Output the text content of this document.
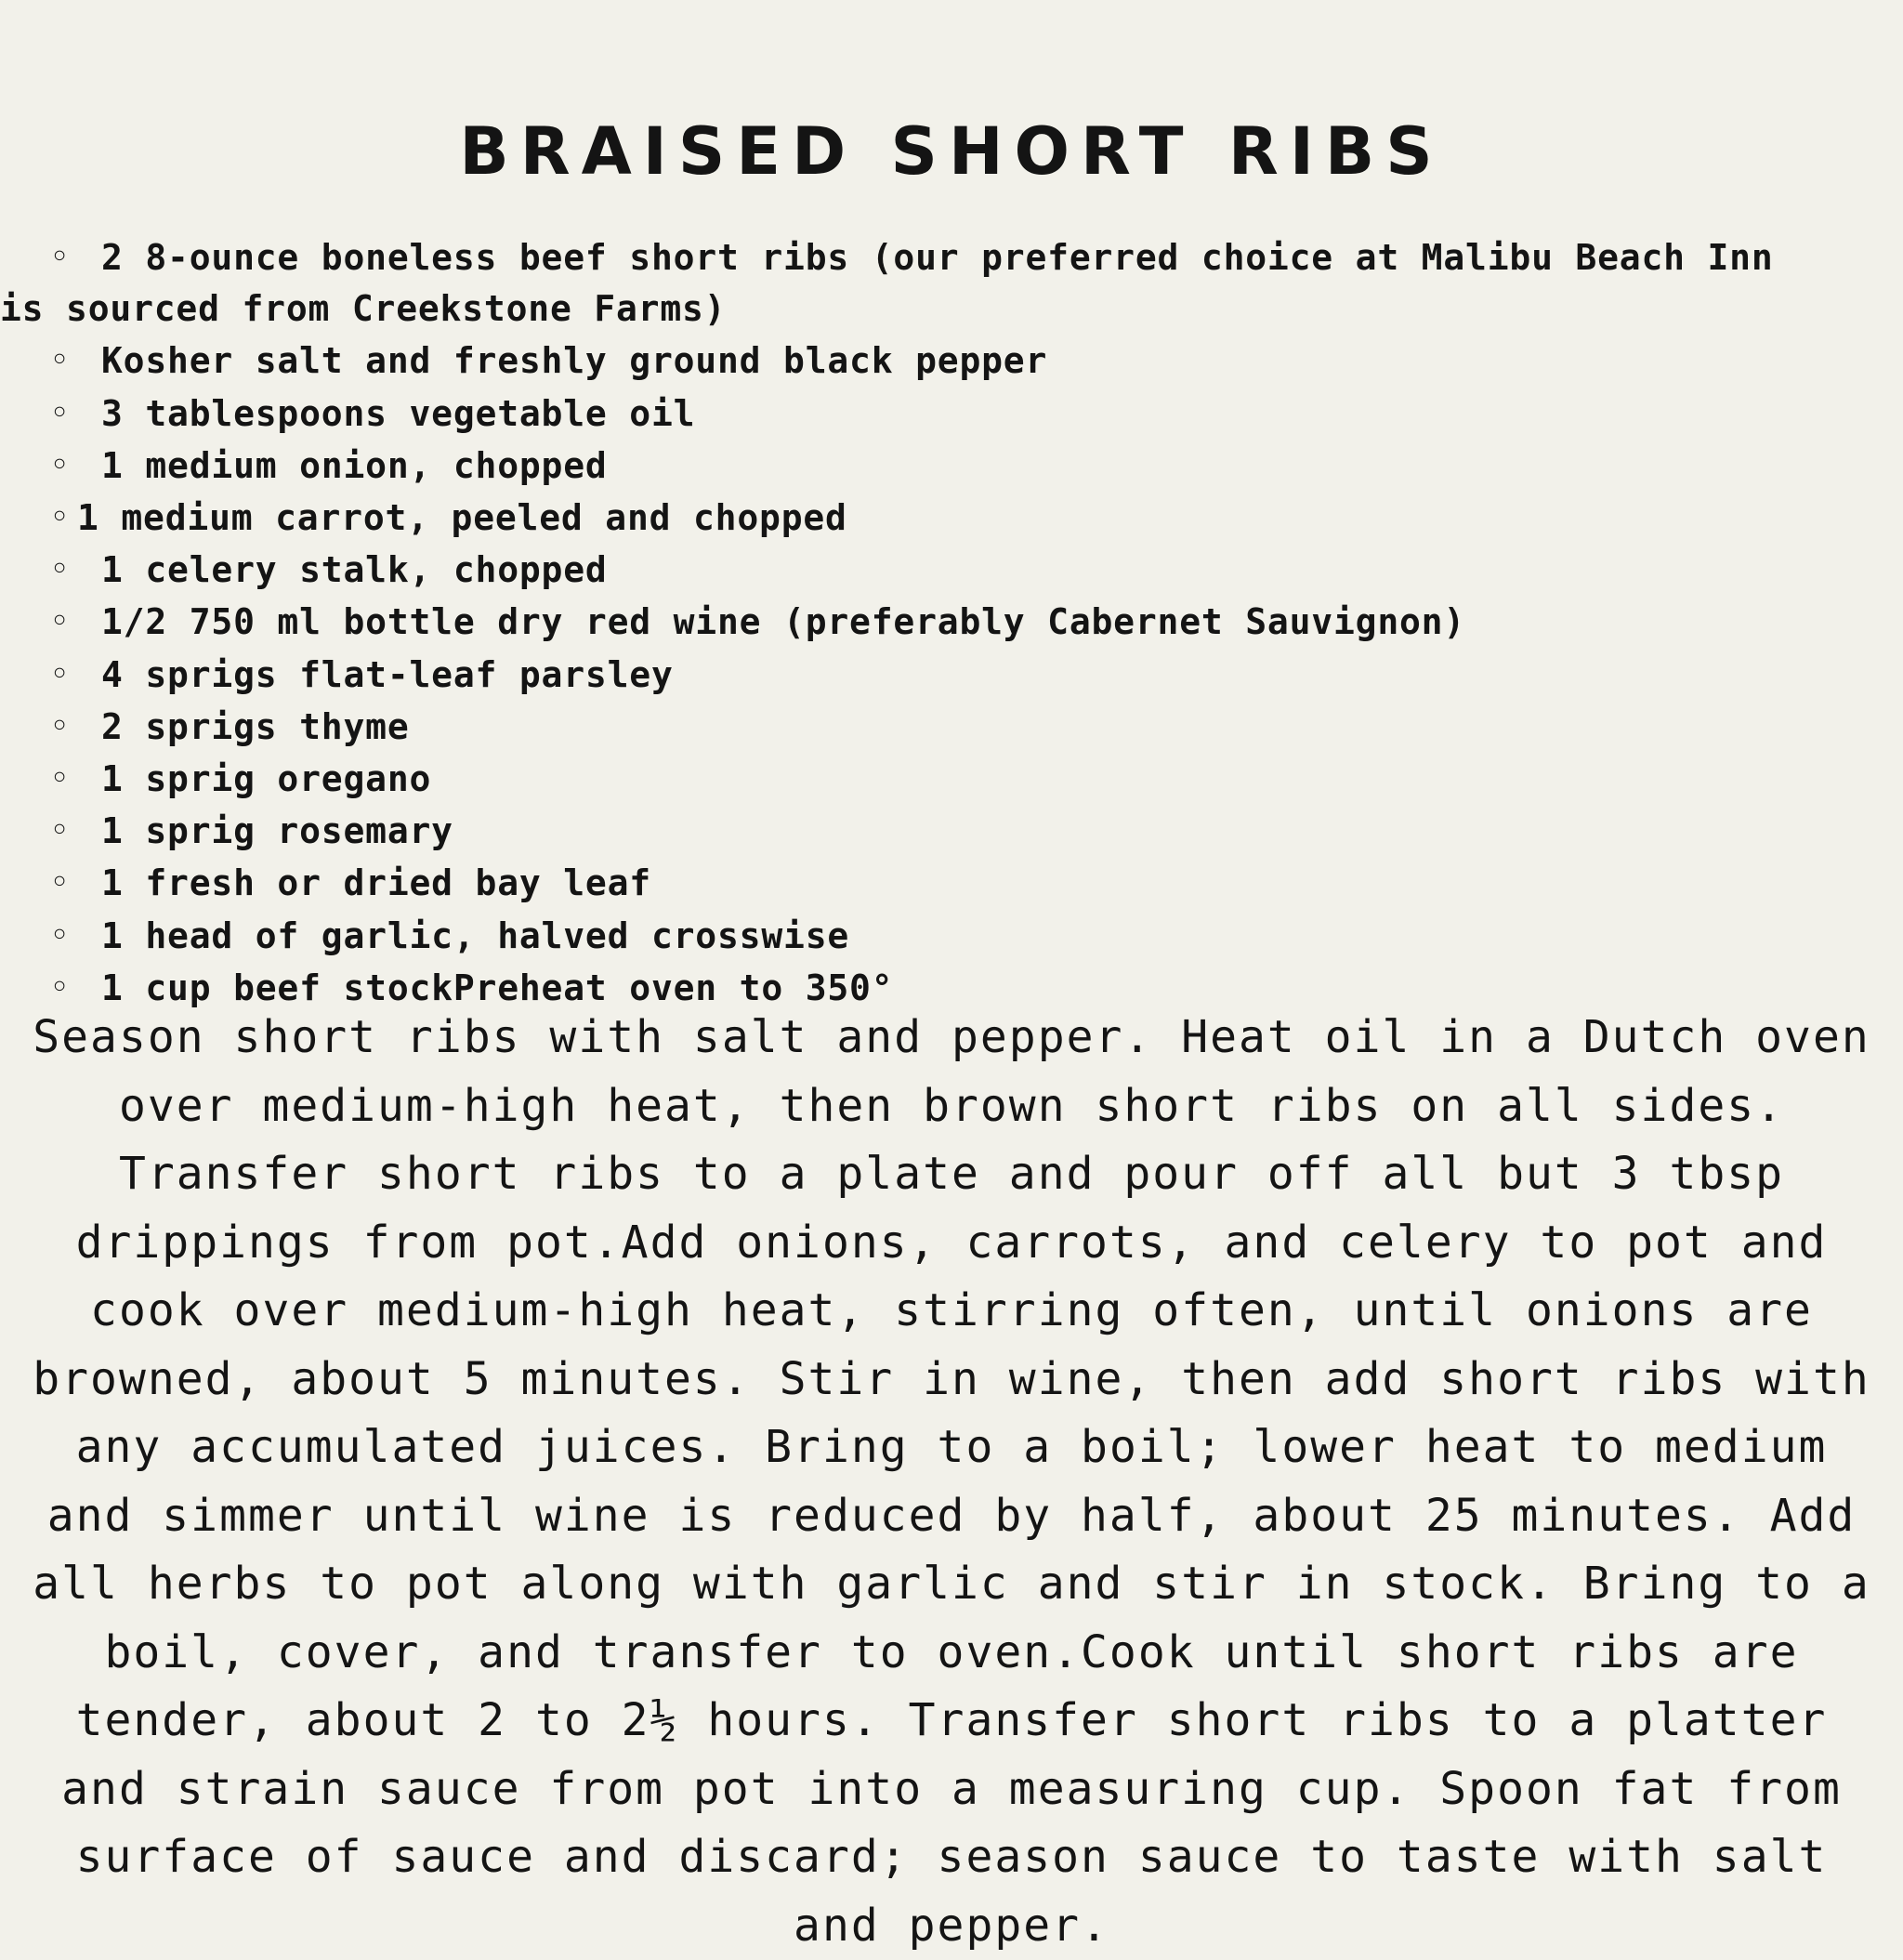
BRAISED SHORT RIBS
◦ 2 8-ounce boneless beef short ribs (our preferred choice at Malibu Beach Inn
is sourced from Creekstone Farms)
◦ Kosher salt and freshly ground black pepper
◦ 3 tablespoons vegetable oil
◦ 1 medium onion, chopped
◦ 1 medium carrot, peeled and chopped
◦ 1 celery stalk, chopped
◦ 1/2 750 ml bottle dry red wine (preferably Cabernet Sauvignon)
◦ 4 sprigs flat-leaf parsley
◦ 2 sprigs thyme
◦ 1 sprig oregano
◦ 1 sprig rosemary
◦ 1 fresh or dried bay leaf
◦ 1 head of garlic, halved crosswise
◦ 1 cup beef stockPreheat oven to 350°

Season short ribs with salt and pepper. Heat oil in a Dutch oven over medium-high heat, then brown short ribs on all sides. Transfer short ribs to a plate and pour off all but 3 tbsp drippings from pot.Add onions, carrots, and celery to pot and cook over medium-high heat, stirring often, until onions are browned, about 5 minutes. Stir in wine, then add short ribs with any accumulated juices. Bring to a boil; lower heat to medium and simmer until wine is reduced by half, about 25 minutes. Add all herbs to pot along with garlic and stir in stock. Bring to a boil, cover, and transfer to oven.Cook until short ribs are tender, about 2 to 2½ hours. Transfer short ribs to a platter and strain sauce from pot into a measuring cup. Spoon fat from surface of sauce and discard; season sauce to taste with salt and pepper.
